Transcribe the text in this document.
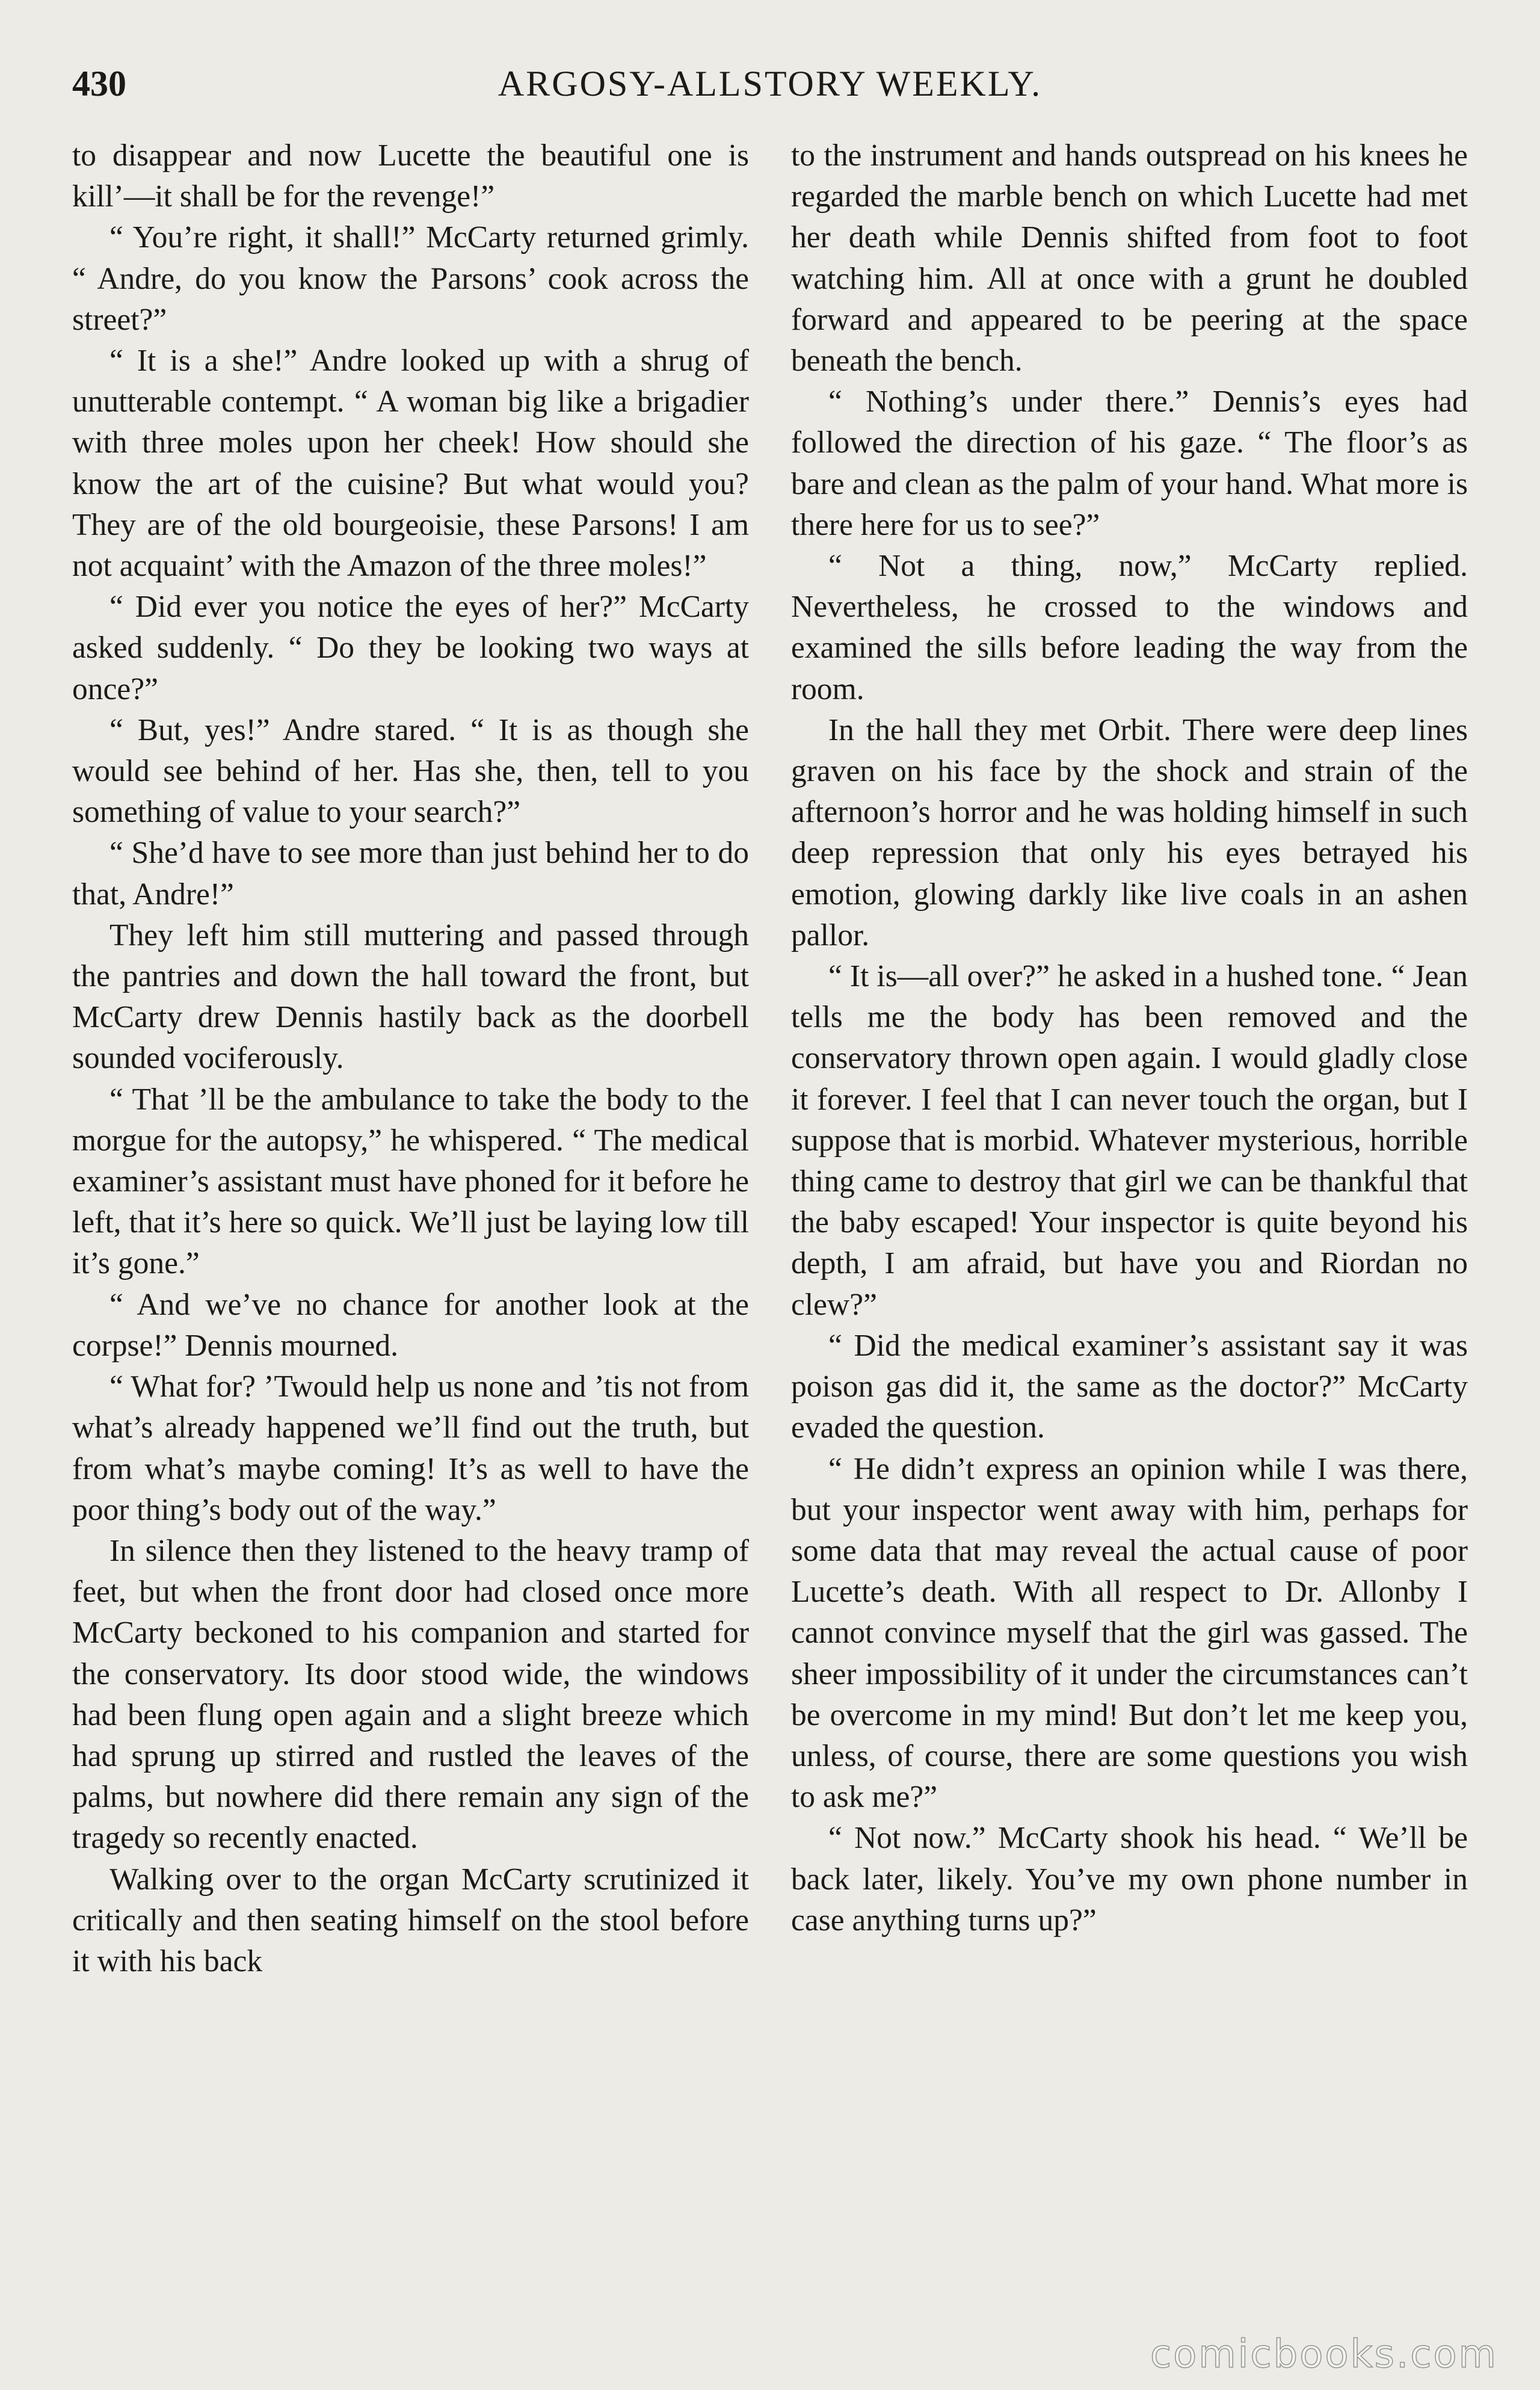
430	ARGOSY-ALLSTORY WEEKLY.

to disappear and now Lucette the beautiful one is kill’—it shall be for the revenge!”

“ You’re right, it shall!” McCarty returned grimly. “ Andre, do you know the Parsons’ cook across the street?”

“ It is a she!” Andre looked up with a shrug of unutterable contempt. “ A woman big like a brigadier with three moles upon her cheek! How should she know the art of the cuisine? But what would you? They are of the old bourgeoisie, these Parsons! I am not acquaint’ with the Amazon of the three moles!”

“ Did ever you notice the eyes of her?” McCarty asked suddenly. “ Do they be looking two ways at once?”

“ But, yes!” Andre stared. “ It is as though she would see behind of her. Has she, then, tell to you something of value to your search?”

“ She’d have to see more than just behind her to do that, Andre!”

They left him still muttering and passed through the pantries and down the hall toward the front, but McCarty drew Dennis hastily back as the doorbell sounded vociferously.

“ That ’ll be the ambulance to take the body to the morgue for the autopsy,” he whispered. “ The medical examiner’s assistant must have phoned for it before he left, that it’s here so quick. We’ll just be laying low till it’s gone.”

“ And we’ve no chance for another look at the corpse!” Dennis mourned.

“ What for? ’Twould help us none and ’tis not from what’s already happened we’ll find out the truth, but from what’s maybe coming! It’s as well to have the poor thing’s body out of the way.”

In silence then they listened to the heavy tramp of feet, but when the front door had closed once more McCarty beckoned to his companion and started for the conservatory. Its door stood wide, the windows had been flung open again and a slight breeze which had sprung up stirred and rustled the leaves of the palms, but nowhere did there remain any sign of the tragedy so recently enacted.

Walking over to the organ McCarty scrutinized it critically and then seating himself on the stool before it with his back

to the instrument and hands outspread on his knees he regarded the marble bench on which Lucette had met her death while Dennis shifted from foot to foot watching him. All at once with a grunt he doubled forward and appeared to be peering at the space beneath the bench.

“ Nothing’s under there.” Dennis’s eyes had followed the direction of his gaze. “ The floor’s as bare and clean as the palm of your hand. What more is there here for us to see?”

“ Not a thing, now,” McCarty replied. Nevertheless, he crossed to the windows and examined the sills before leading the way from the room.

In the hall they met Orbit. There were deep lines graven on his face by the shock and strain of the afternoon’s horror and he was holding himself in such deep repression that only his eyes betrayed his emotion, glowing darkly like live coals in an ashen pallor.

“ It is—all over?” he asked in a hushed tone. “ Jean tells me the body has been removed and the conservatory thrown open again. I would gladly close it forever. I feel that I can never touch the organ, but I suppose that is morbid. Whatever mysterious, horrible thing came to destroy that girl we can be thankful that the baby escaped! Your inspector is quite beyond his depth, I am afraid, but have you and Riordan no clew?”

“ Did the medical examiner’s assistant say it was poison gas did it, the same as the doctor?” McCarty evaded the question.

“ He didn’t express an opinion while I was there, but your inspector went away with him, perhaps for some data that may reveal the actual cause of poor Lucette’s death. With all respect to Dr. Allonby I cannot convince myself that the girl was gassed. The sheer impossibility of it under the circumstances can’t be overcome in my mind! But don’t let me keep you, unless, of course, there are some questions you wish to ask me?”

“ Not now.” McCarty shook his head. “ We’ll be back later, likely. You’ve my own phone number in case anything turns up?”

comicbooks.com
